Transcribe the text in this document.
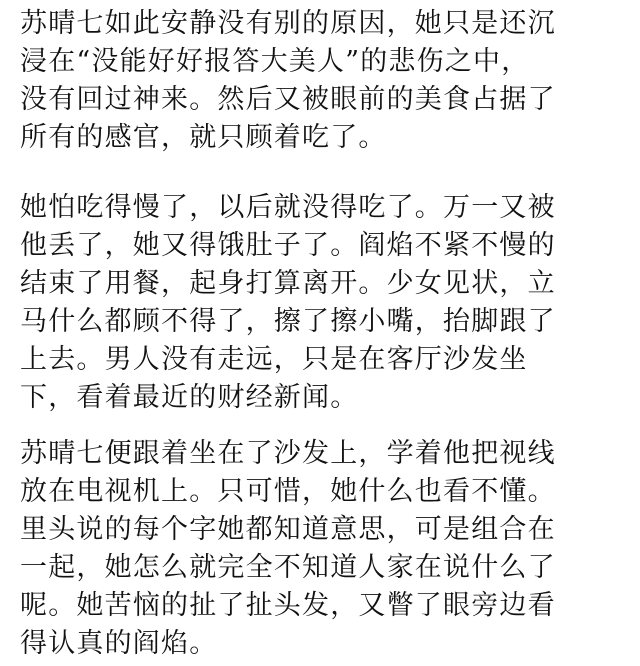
苏晴七如此安静没有别的原因，她只是还沉
浸在“没能好好报答大美人”的悲伤之中，
没有回过神来。然后又被眼前的美食占据了
所有的感官，就只顾着吃了。
她怕吃得慢了，以后就没得吃了。万一又被
他丢了，她又得饿肚子了。阎焰不紧不慢的
结束了用餐，起身打算离开。少女见状，立
马什么都顾不得了，擦了擦小嘴，抬脚跟了
上去。男人没有走远，只是在客厅沙发坐
下，看着最近的财经新闻。
苏晴七便跟着坐在了沙发上，学着他把视线
放在电视机上。只可惜，她什么也看不懂。
里头说的每个字她都知道意思，可是组合在
一起，她怎么就完全不知道人家在说什么了
呢。她苦恼的扯了扯头发，又瞥了眼旁边看
得认真的阎焰。
